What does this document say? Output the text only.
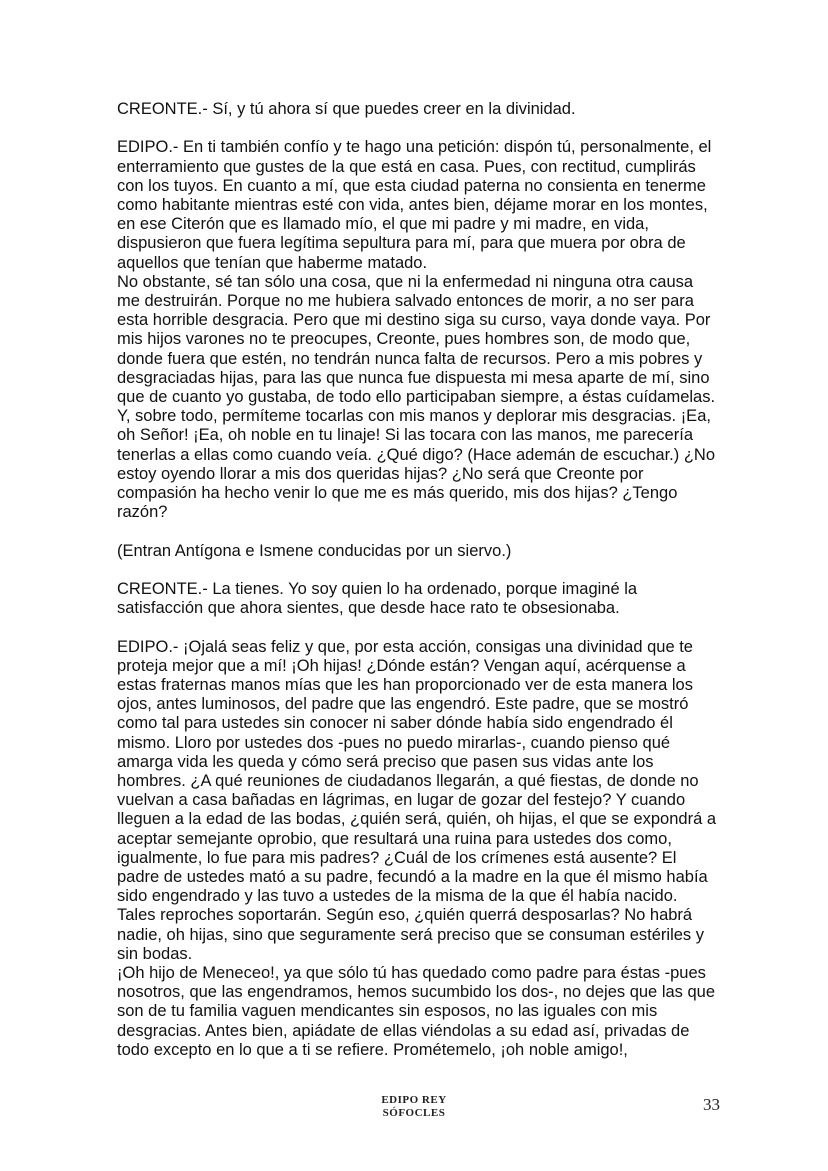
CREONTE.- Sí, y tú ahora sí que puedes creer en la divinidad.

EDIPO.- En ti también confío y te hago una petición: dispón tú, personalmente, el enterramiento que gustes de la que está en casa. Pues, con rectitud, cumplirás con los tuyos. En cuanto a mí, que esta ciudad paterna no consienta en tenerme como habitante mientras esté con vida, antes bien, déjame morar en los montes, en ese Citerón que es llamado mío, el que mi padre y mi madre, en vida, dispusieron que fuera legítima sepultura para mí, para que muera por obra de aquellos que tenían que haberme matado.

No obstante, sé tan sólo una cosa, que ni la enfermedad ni ninguna otra causa me destruirán. Porque no me hubiera salvado entonces de morir, a no ser para esta horrible desgracia. Pero que mi destino siga su curso, vaya donde vaya. Por mis hijos varones no te preocupes, Creonte, pues hombres son, de modo que, donde fuera que estén, no tendrán nunca falta de recursos. Pero a mis pobres y desgraciadas hijas, para las que nunca fue dispuesta mi mesa aparte de mí, sino que de cuanto yo gustaba, de todo ello participaban siempre, a éstas cuídamelas. Y, sobre todo, permíteme tocarlas con mis manos y deplorar mis desgracias. ¡Ea, oh Señor! ¡Ea, oh noble en tu linaje! Si las tocara con las manos, me parecería tenerlas a ellas como cuando veía. ¿Qué digo? (Hace ademán de escuchar.) ¿No estoy oyendo llorar a mis dos queridas hijas? ¿No será que Creonte por compasión ha hecho venir lo que me es más querido, mis dos hijas? ¿Tengo razón?

(Entran Antígona e Ismene conducidas por un siervo.)

CREONTE.- La tienes. Yo soy quien lo ha ordenado, porque imaginé la satisfacción que ahora sientes, que desde hace rato te obsesionaba.

EDIPO.- ¡Ojalá seas feliz y que, por esta acción, consigas una divinidad que te proteja mejor que a mí! ¡Oh hijas! ¿Dónde están? Vengan aquí, acérquense a estas fraternas manos mías que les han proporcionado ver de esta manera los ojos, antes luminosos, del padre que las engendró. Este padre, que se mostró como tal para ustedes sin conocer ni saber dónde había sido engendrado él mismo. Lloro por ustedes dos -pues no puedo mirarlas-, cuando pienso qué amarga vida les queda y cómo será preciso que pasen sus vidas ante los hombres. ¿A qué reuniones de ciudadanos llegarán, a qué fiestas, de donde no vuelvan a casa bañadas en lágrimas, en lugar de gozar del festejo? Y cuando lleguen a la edad de las bodas, ¿quién será, quién, oh hijas, el que se expondrá a aceptar semejante oprobio, que resultará una ruina para ustedes dos como, igualmente, lo fue para mis padres? ¿Cuál de los crímenes está ausente? El padre de ustedes mató a su padre, fecundó a la madre en la que él mismo había sido engendrado y las tuvo a ustedes de la misma de la que él había nacido. Tales reproches soportarán. Según eso, ¿quién querrá desposarlas? No habrá nadie, oh hijas, sino que seguramente será preciso que se consuman estériles y sin bodas.

¡Oh hijo de Meneceo!, ya que sólo tú has quedado como padre para éstas -pues nosotros, que las engendramos, hemos sucumbido los dos-, no dejes que las que son de tu familia vaguen mendicantes sin esposos, no las iguales con mis desgracias. Antes bien, apiádate de ellas viéndolas a su edad así, privadas de todo excepto en lo que a ti se refiere. Prométemelo, ¡oh noble amigo!,

EDIPO REY
SÓFOCLES	33
